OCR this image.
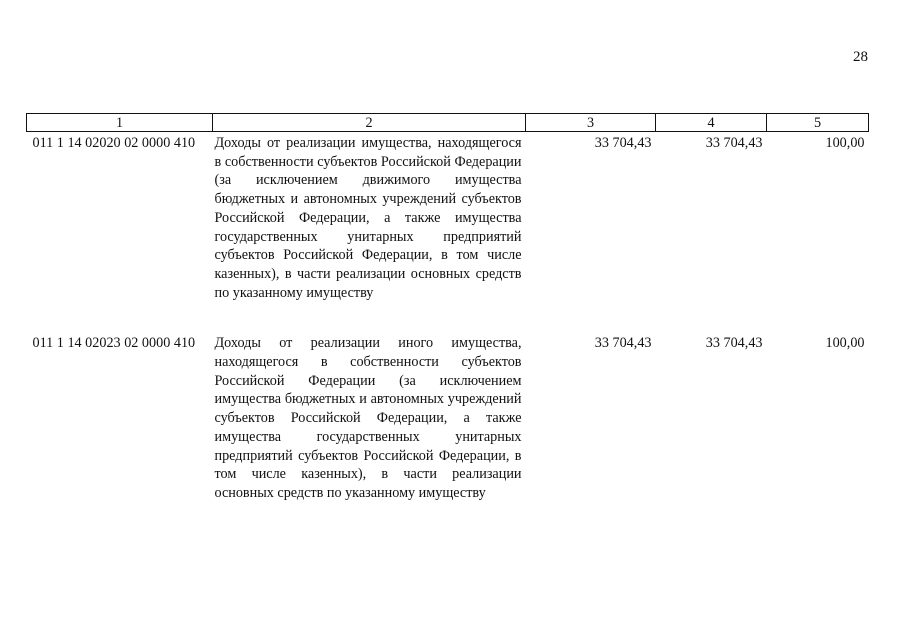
28
1	2	3	4	5
011 1 14 02020 02 0000 410	Доходы от реализации имущества, находящегося в собственности субъектов Российской Федерации (за исключением движимого имущества бюджетных и автономных учреждений субъектов Российской Федерации, а также имущества государственных унитарных предприятий субъектов Российской Федерации, в том числе казенных), в части реализации основных средств по указанному имуществу	33 704,43	33 704,43	100,00
011 1 14 02023 02 0000 410	Доходы от реализации иного имущества, находящегося в собственности субъектов Российской Федерации (за исключением имущества бюджетных и автономных учреждений субъектов Российской Федерации, а также имущества государственных унитарных предприятий субъектов Российской Федерации, в том числе казенных), в части реализации основных средств по указанному имуществу	33 704,43	33 704,43	100,00
